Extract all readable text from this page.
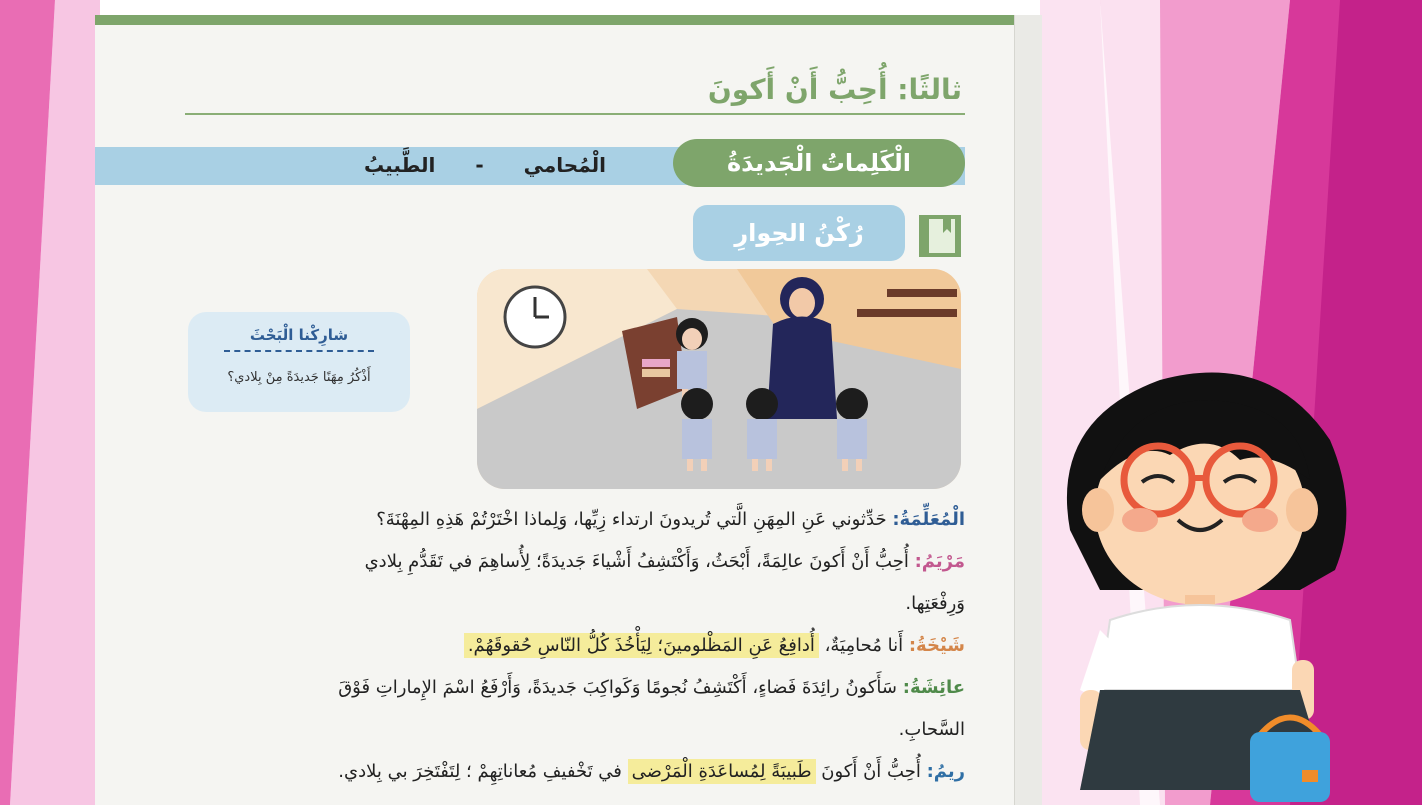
ثالثًا: أُحِبُّ أَنْ أَكونَ
الْمُحامي
-
الطَّبيبُ	الْكَلِماتُ الْجَديدَةُ
رُكْنُ الحِوارِ
شارِكْنا الْبَحْثَ
أَذْكُرُ مِهَنًا جَديدَةً مِنْ بِلادي؟
الْمُعَلِّمَةُ: حَدِّثوني عَنِ المِهَنِ الَّتي تُريدونَ ارتداء زِيِّها، وَلِماذا اخْتَرْتُمْ هَذِهِ المِهْنَةَ؟
مَرْيَمُ: أُحِبُّ أَنْ أَكونَ عالِمَةً، أَبْحَثُ، وَأَكْتَشِفُ أَشْياءَ جَديدَةً؛ لِأُساهِمَ في تَقَدُّمِ بِلادي
وَرِفْعَتِها.
شَيْخَةُ: أَنا مُحامِيَةٌ، أُدافِعُ عَنِ المَظْلومينَ؛ لِيَأْخُذَ كُلُّ النّاسِ حُقوقَهُمْ.
عائِشَةُ: سَأَكونُ رائِدَةَ فَضاءٍ، أَكْتَشِفُ نُجومًا وَكَواكِبَ جَديدَةً، وَأَرْفَعُ اسْمَ الإِماراتِ فَوْقَ
السَّحابِ.
ريمُ: أُحِبُّ أَنْ أَكونَ طَبيبَةً لِمُساعَدَةِ الْمَرْضى في تَخْفيفِ مُعاناتِهِمْ ؛ لِتَفْتَخِرَ بي بِلادي.
